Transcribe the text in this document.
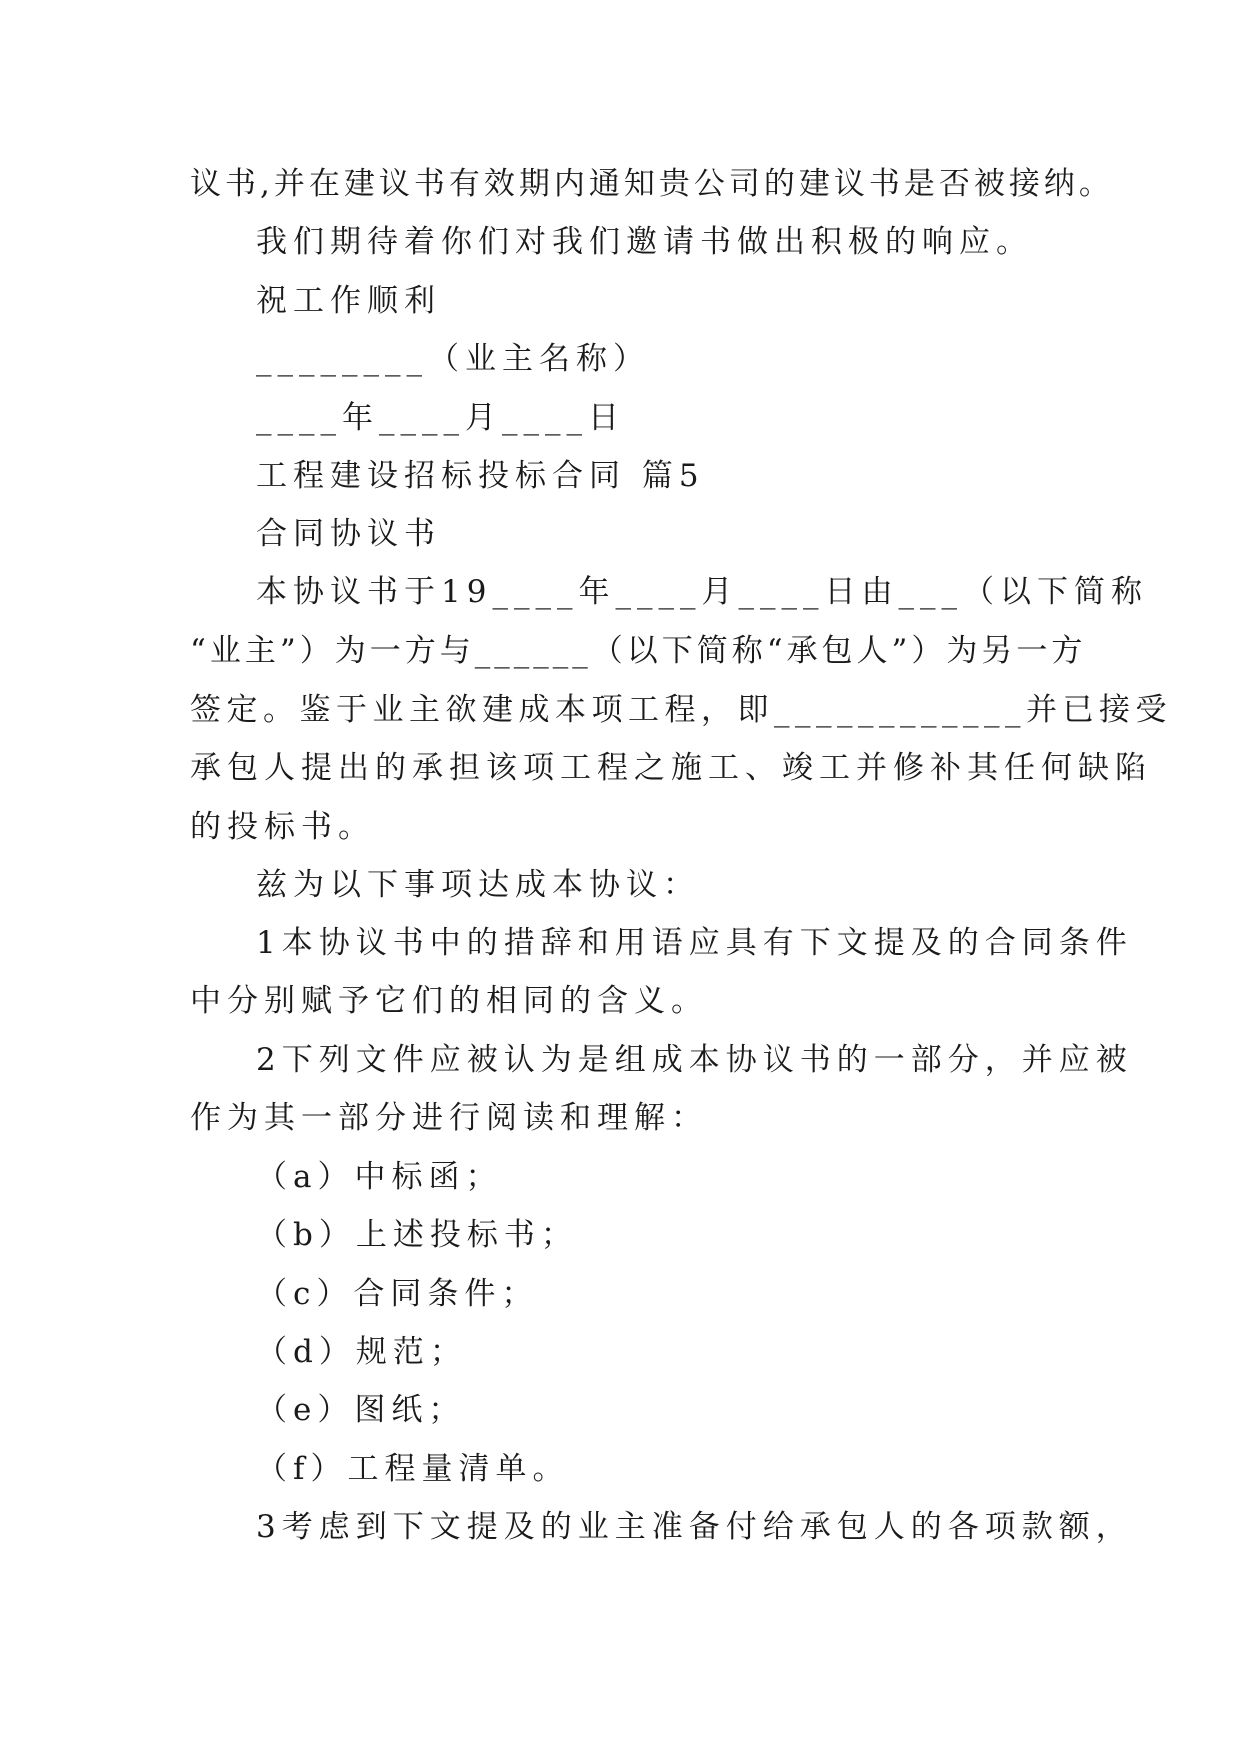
议书,并在建议书有效期内通知贵公司的建议书是否被接纳。
我们期待着你们对我们邀请书做出积极的响应。
祝工作顺利
________（业主名称）
____年____月____日
工程建设招标投标合同 篇5
合同协议书
本协议书于19____年____月____日由___（以下简称
“业主”）为一方与______（以下简称“承包人”）为另一方
签定。鉴于业主欲建成本项工程，即____________并已接受
承包人提出的承担该项工程之施工、竣工并修补其任何缺陷
的投标书。
兹为以下事项达成本协议：
1本协议书中的措辞和用语应具有下文提及的合同条件
中分别赋予它们的相同的含义。
2下列文件应被认为是组成本协议书的一部分，并应被
作为其一部分进行阅读和理解：
（a）中标函；
（b）上述投标书；
（c）合同条件；
（d）规范；
（e）图纸；
（f）工程量清单。
3考虑到下文提及的业主准备付给承包人的各项款额，
